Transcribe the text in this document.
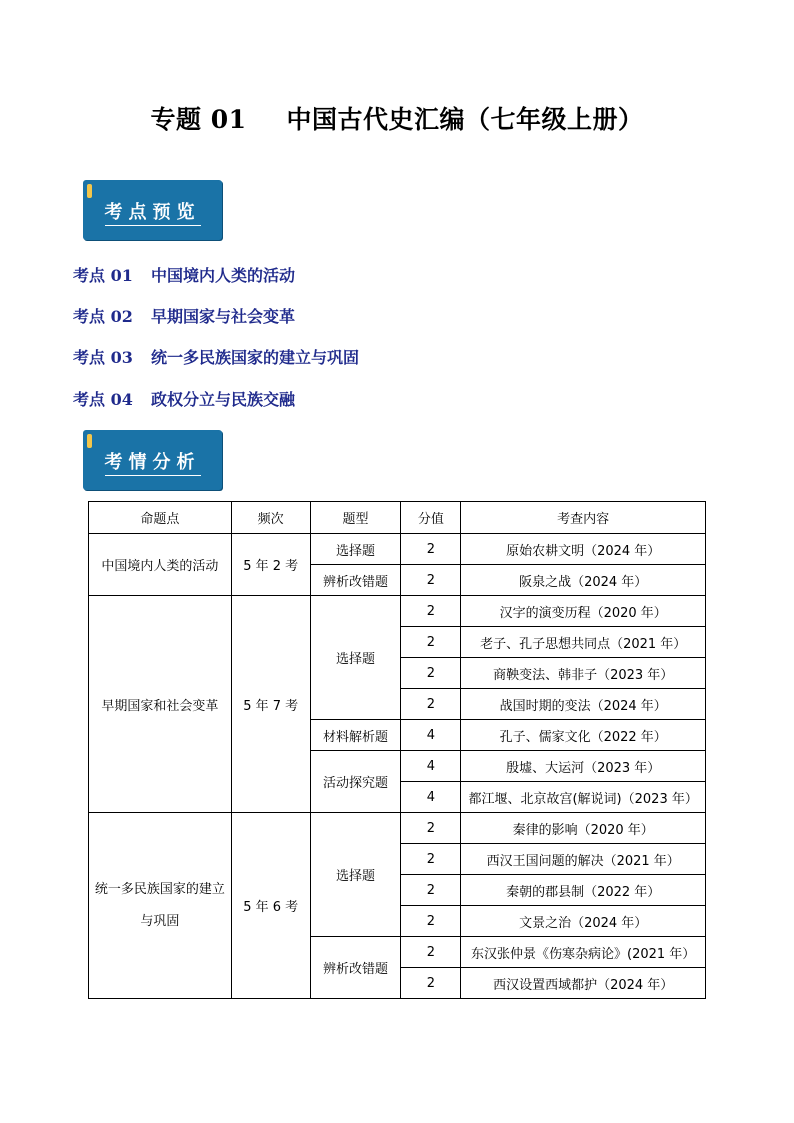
专题 01 中国古代史汇编（七年级上册）
考点预览
考点 01 中国境内人类的活动
考点 02 早期国家与社会变革
考点 03 统一多民族国家的建立与巩固
考点 04 政权分立与民族交融
考情分析
命题点	频次	题型	分值	考查内容
中国境内人类的活动	5 年 2 考	选择题	2	原始农耕文明（2024 年）
		辨析改错题	2	阪泉之战（2024 年）
早期国家和社会变革	5 年 7 考	选择题	2	汉字的演变历程（2020 年）
			2	老子、孔子思想共同点（2021 年）
			2	商鞅变法、韩非子（2023 年）
			2	战国时期的变法（2024 年）
		材料解析题	4	孔子、儒家文化（2022 年）
		活动探究题	4	殷墟、大运河（2023 年）
			4	都江堰、北京故宫(解说词)（2023 年）
统一多民族国家的建立与巩固	5 年 6 考	选择题	2	秦律的影响（2020 年）
			2	西汉王国问题的解决（2021 年）
			2	秦朝的郡县制（2022 年）
			2	文景之治（2024 年）
		辨析改错题	2	东汉张仲景《伤寒杂病论》(2021 年）
			2	西汉设置西域都护（2024 年）
